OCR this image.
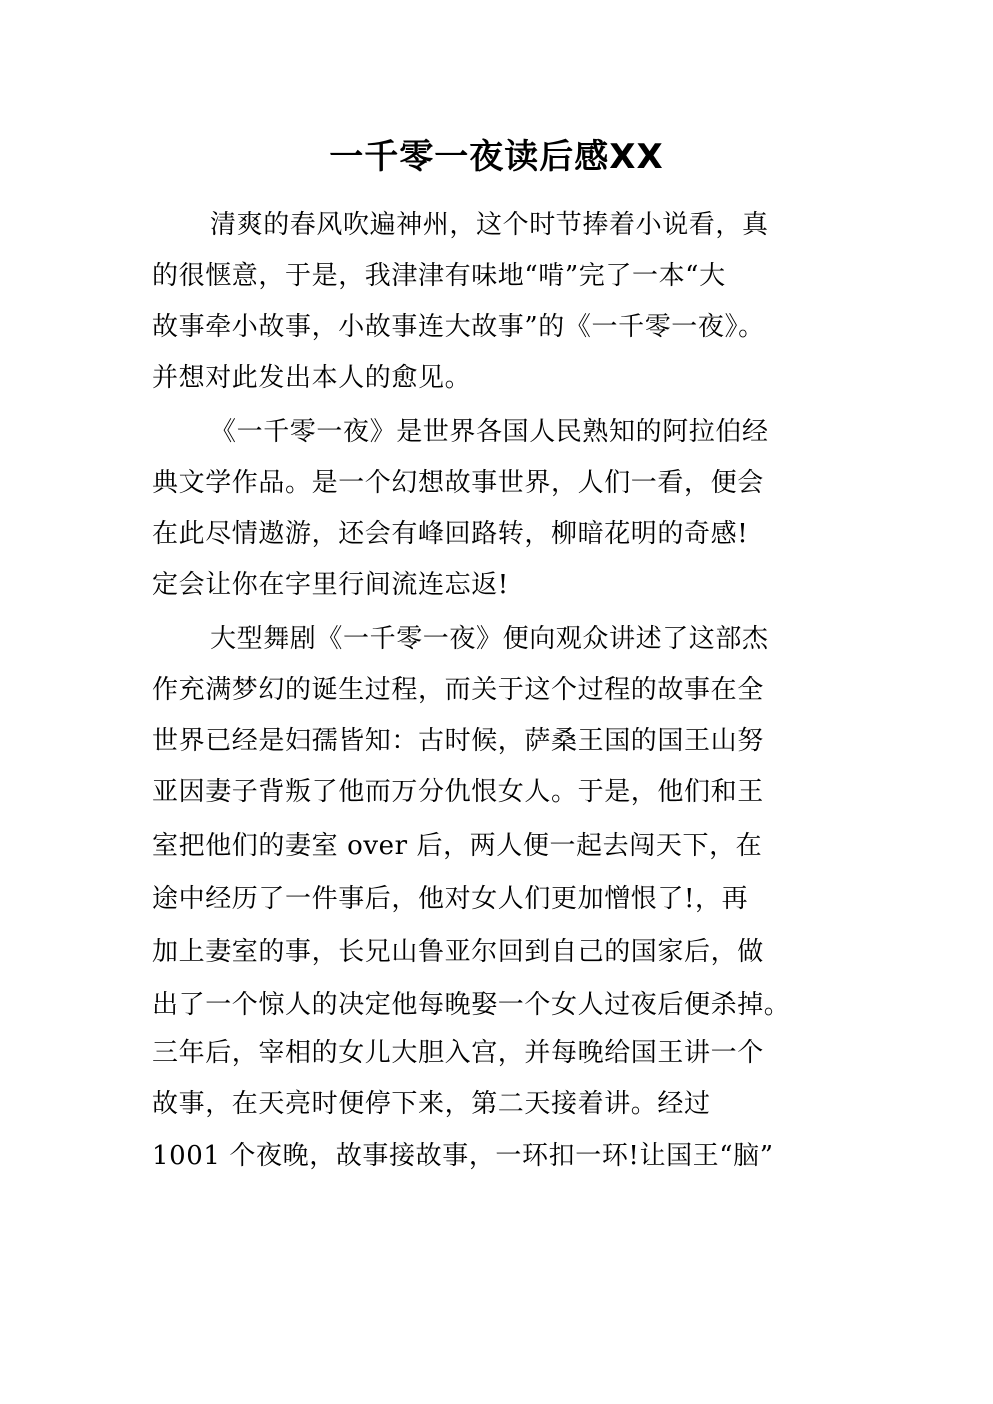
一千零一夜读后感XX
清爽的春风吹遍神州，这个时节捧着小说看，真
的很惬意，于是，我津津有味地“啃”完了一本“大
故事牵小故事，小故事连大故事”的《一千零一夜》。
并想对此发出本人的愈见。
《一千零一夜》是世界各国人民熟知的阿拉伯经
典文学作品。是一个幻想故事世界，人们一看，便会
在此尽情遨游，还会有峰回路转，柳暗花明的奇感!
定会让你在字里行间流连忘返!
大型舞剧《一千零一夜》便向观众讲述了这部杰
作充满梦幻的诞生过程，而关于这个过程的故事在全
世界已经是妇孺皆知：古时候，萨桑王国的国王山努
亚因妻子背叛了他而万分仇恨女人。于是，他们和王
室把他们的妻室 over 后，两人便一起去闯天下，在
途中经历了一件事后，他对女人们更加憎恨了!，再
加上妻室的事，长兄山鲁亚尔回到自己的国家后，做
出了一个惊人的决定他每晚娶一个女人过夜后便杀掉。
三年后，宰相的女儿大胆入宫，并每晚给国王讲一个
故事，在天亮时便停下来，第二天接着讲。经过
1001 个夜晚，故事接故事，一环扣一环!让国王“脑”
